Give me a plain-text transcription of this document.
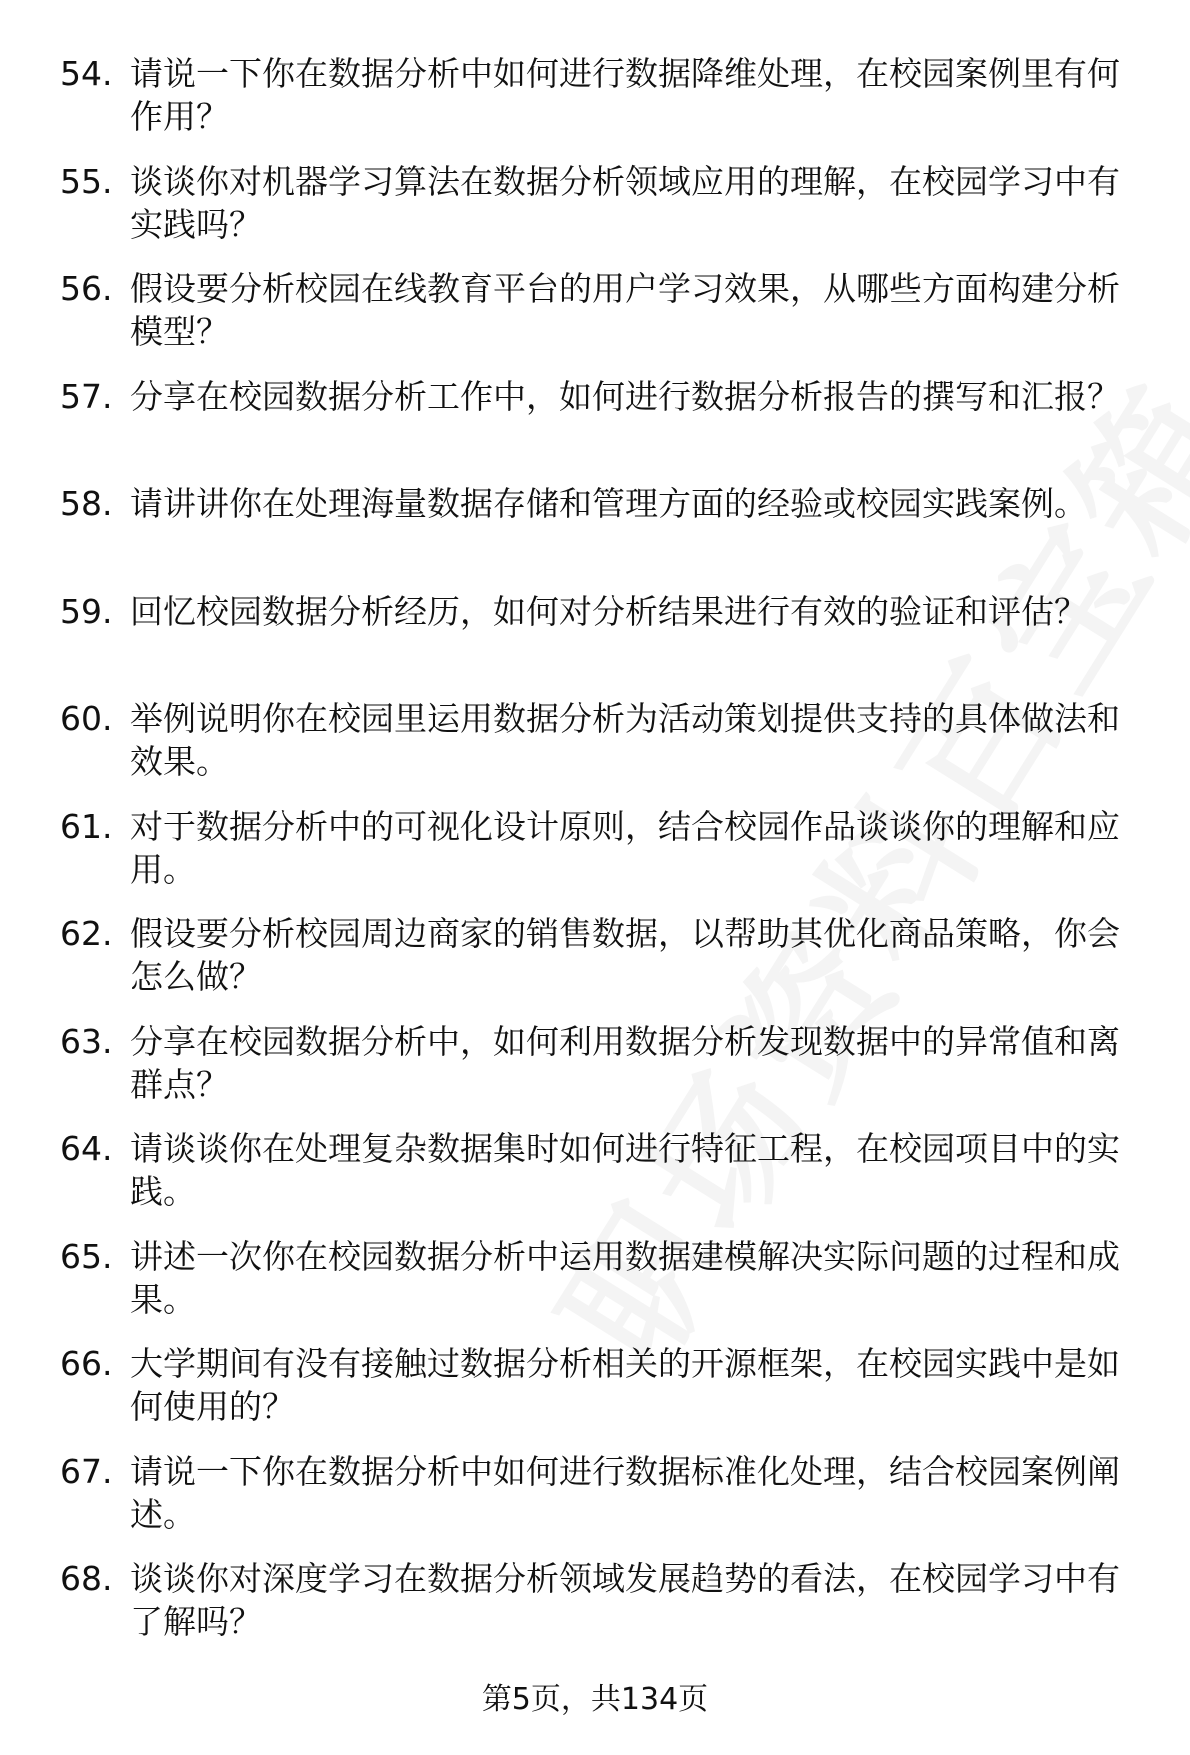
54. 请说一下你在数据分析中如何进行数据降维处理，在校园案例里有何作用？
55. 谈谈你对机器学习算法在数据分析领域应用的理解，在校园学习中有实践吗？
56. 假设要分析校园在线教育平台的用户学习效果，从哪些方面构建分析模型？
57. 分享在校园数据分析工作中，如何进行数据分析报告的撰写和汇报？
58. 请讲讲你在处理海量数据存储和管理方面的经验或校园实践案例。
59. 回忆校园数据分析经历，如何对分析结果进行有效的验证和评估？
60. 举例说明你在校园里运用数据分析为活动策划提供支持的具体做法和效果。
61. 对于数据分析中的可视化设计原则，结合校园作品谈谈你的理解和应用。
62. 假设要分析校园周边商家的销售数据，以帮助其优化商品策略，你会怎么做？
63. 分享在校园数据分析中，如何利用数据分析发现数据中的异常值和离群点？
64. 请谈谈你在处理复杂数据集时如何进行特征工程，在校园项目中的实践。
65. 讲述一次你在校园数据分析中运用数据建模解决实际问题的过程和成果。
66. 大学期间有没有接触过数据分析相关的开源框架，在校园实践中是如何使用的？
67. 请说一下你在数据分析中如何进行数据标准化处理，结合校园案例阐述。
68. 谈谈你对深度学习在数据分析领域发展趋势的看法，在校园学习中有了解吗？
第5页，共134页
